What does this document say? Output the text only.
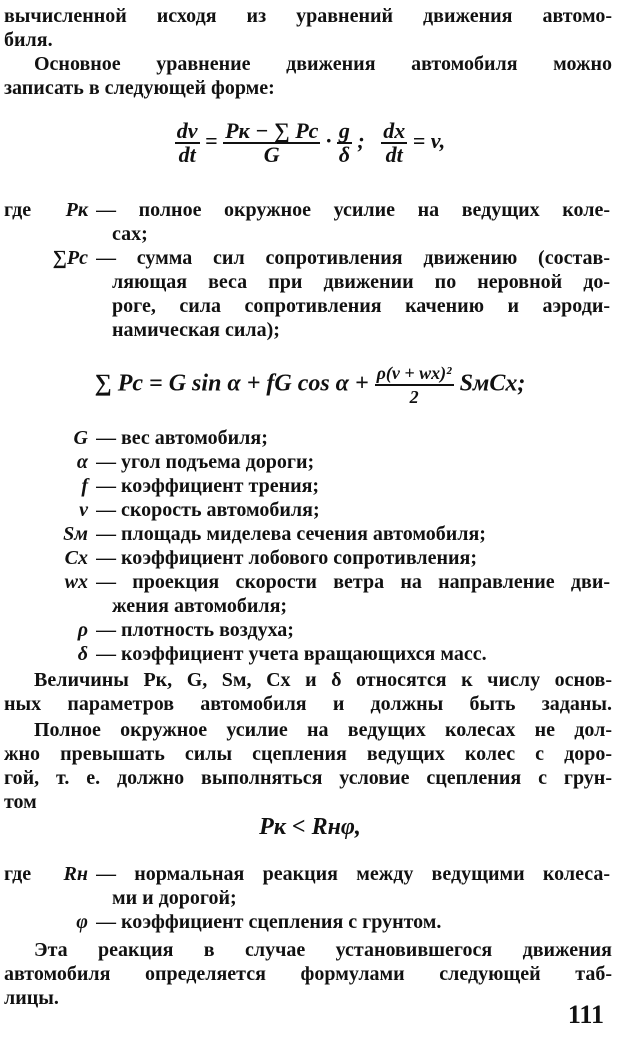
вычисленной исходя из уравнений движения автомо-
биля.
Основное уравнение движения автомобиля можно
записать в следующей форме:
$\frac{dv}{dt} = \frac{Pк - \sum Pс}{G} \cdot \frac{g}{\delta}$ ; $\frac{dx}{dt} = v$,
где Pк — полное окружное усилие на ведущих коле-
сах;
∑Pс — сумма сил сопротивления движению (состав-
ляющая веса при движении по неровной до-
роге, сила сопротивления качению и аэроди-
намическая сила);
∑ Pс = G sin α + fG $\cos \alpha + \frac{\text{ρ(v + wx)²}}{2}$ SмCx;
G — вес автомобиля;
α — угол подъема дороги;
f — коэффициент трения;
v — скорость автомобиля;
Sм — площадь миделева сечения автомобиля;
Cx — коэффициент лобового сопротивления;
wx — проекция скорости ветра на направление дви-
жения автомобиля;
ρ — плотность воздуха;
δ — коэффициент учета вращающихся масс.
Величины Pк, G, Sм, Cx и δ относятся к числу основ-
ных параметров автомобиля и должны быть заданы.
Полное окружное усилие на ведущих колесах не дол-
жно превышать силы сцепления ведущих колес с доро-
гой, т. е. должно выполняться условие сцепления с грун-
том
Pк < Rнφ,
где Rн — нормальная реакция между ведущими колеса-
ми и дорогой;
φ — коэффициент сцепления с грунтом.
Эта реакция в случае установившегося движения
автомобиля определяется формулами следующей таб-
лицы.
111
